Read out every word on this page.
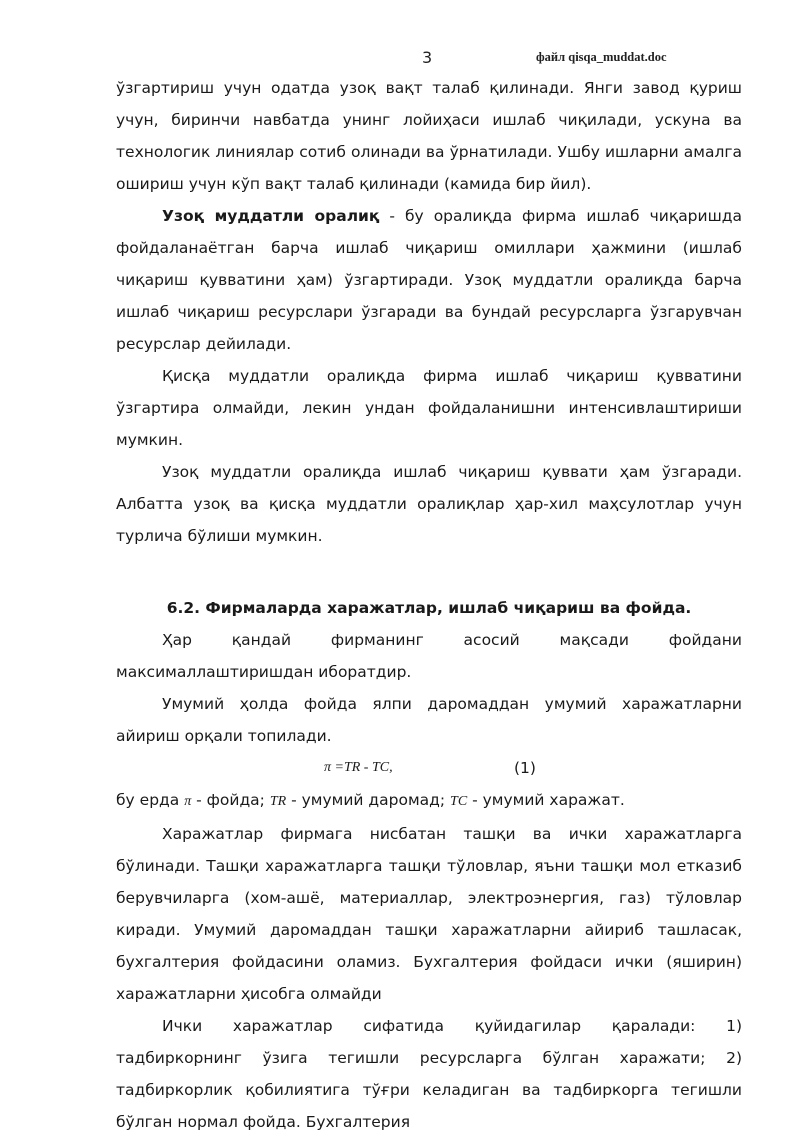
3	файл qisqa_muddat.doc

ўзгартириш учун одатда узоқ вақт талаб қилинади. Янги завод қуриш учун, биринчи навбатда унинг лойиҳаси ишлаб чиқилади, ускуна ва технологик линиялар сотиб олинади ва ўрнатилади. Ушбу ишларни амалга ошириш учун кўп вақт талаб қилинади (камида бир йил).

Узоқ муддатли оралиқ - бу оралиқда фирма ишлаб чиқаришда фойдаланаётган барча ишлаб чиқариш омиллари ҳажмини (ишлаб чиқариш қувватини ҳам) ўзгартиради. Узоқ муддатли оралиқда барча ишлаб чиқариш ресурслари ўзгаради ва бундай ресурсларга ўзгарувчан ресурслар дейилади.

Қисқа муддатли оралиқда фирма ишлаб чиқариш қувватини ўзгартира олмайди, лекин ундан фойдаланишни интенсивлаштириши мумкин.

Узоқ муддатли оралиқда ишлаб чиқариш қуввати ҳам ўзгаради. Албатта узоқ ва қисқа муддатли оралиқлар ҳар-хил маҳсулотлар учун турлича бўлиши мумкин.

6.2. Фирмаларда харажатлар, ишлаб чиқариш ва фойда.

Ҳар	қандай	фирманинг	асосий	мақсади	фойдани

максималлаштиришдан иборатдир.

Умумий ҳолда фойда ялпи даромаддан умумий харажатларни айириш орқали топилади.

π =TR - TC,	(1)

бу ерда π - фойда; TR - умумий даромад; TC - умумий харажат.

Харажатлар фирмага нисбатан ташқи ва ички харажатларга бўлинади. Ташқи харажатларга ташқи тўловлар, яъни ташқи мол етказиб берувчиларга (хом-ашё, материаллар, электроэнергия, газ) тўловлар киради. Умумий даромаддан ташқи харажатларни айириб ташласак, бухгалтерия фойдасини оламиз. Бухгалтерия фойдаси ички (яширин) харажатларни ҳисобга олмайди

Ички харажатлар сифатида қуйидагилар қаралади: 1) тадбиркорнинг ўзига тегишли ресурсларга бўлган харажати; 2) тадбиркорлик қобилиятига тўғри келадиган ва тадбиркорга тегишли бўлган нормал фойда. Бухгалтерия
